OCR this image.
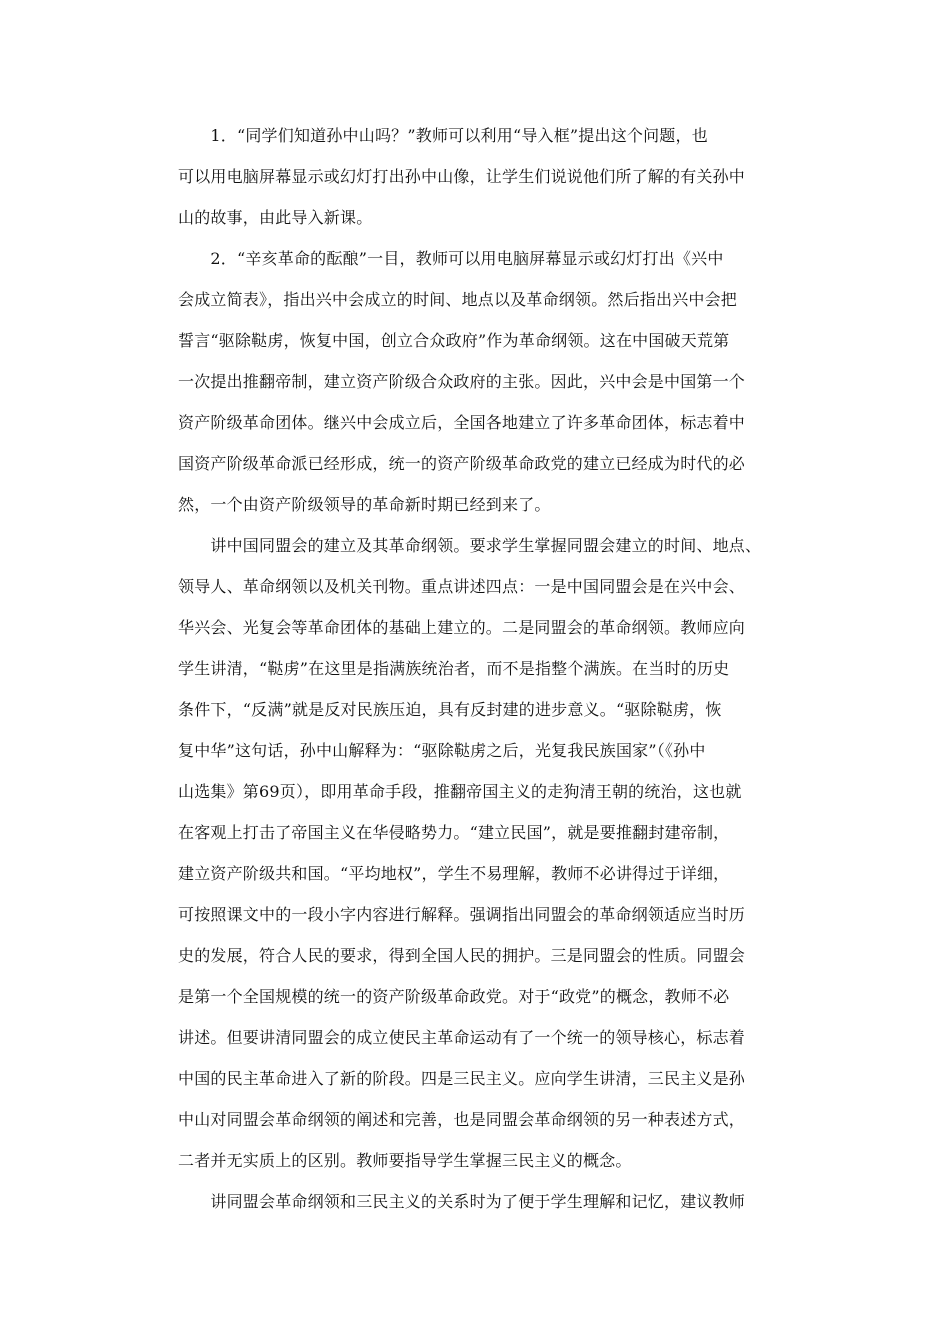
　　1．“同学们知道孙中山吗？”教师可以利用“导入框”提出这个问题，也
可以用电脑屏幕显示或幻灯打出孙中山像，让学生们说说他们所了解的有关孙中
山的故事，由此导入新课。
　　2．“辛亥革命的酝酿”一目，教师可以用电脑屏幕显示或幻灯打出《兴中
会成立简表》，指出兴中会成立的时间、地点以及革命纲领。然后指出兴中会把
誓言“驱除鞑虏，恢复中国，创立合众政府”作为革命纲领。这在中国破天荒第
一次提出推翻帝制，建立资产阶级合众政府的主张。因此，兴中会是中国第一个
资产阶级革命团体。继兴中会成立后，全国各地建立了许多革命团体，标志着中
国资产阶级革命派已经形成，统一的资产阶级革命政党的建立已经成为时代的必
然，一个由资产阶级领导的革命新时期已经到来了。
　　讲中国同盟会的建立及其革命纲领。要求学生掌握同盟会建立的时间、地点、
领导人、革命纲领以及机关刊物。重点讲述四点：一是中国同盟会是在兴中会、
华兴会、光复会等革命团体的基础上建立的。二是同盟会的革命纲领。教师应向
学生讲清，“鞑虏”在这里是指满族统治者，而不是指整个满族。在当时的历史
条件下，“反满”就是反对民族压迫，具有反封建的进步意义。“驱除鞑虏，恢
复中华”这句话，孙中山解释为：“驱除鞑虏之后，光复我民族国家”（《孙中
山选集》第69页），即用革命手段，推翻帝国主义的走狗清王朝的统治，这也就
在客观上打击了帝国主义在华侵略势力。“建立民国”，就是要推翻封建帝制，
建立资产阶级共和国。“平均地权”，学生不易理解，教师不必讲得过于详细，
可按照课文中的一段小字内容进行解释。强调指出同盟会的革命纲领适应当时历
史的发展，符合人民的要求，得到全国人民的拥护。三是同盟会的性质。同盟会
是第一个全国规模的统一的资产阶级革命政党。对于“政党”的概念，教师不必
讲述。但要讲清同盟会的成立使民主革命运动有了一个统一的领导核心，标志着
中国的民主革命进入了新的阶段。四是三民主义。应向学生讲清，三民主义是孙
中山对同盟会革命纲领的阐述和完善，也是同盟会革命纲领的另一种表述方式，
二者并无实质上的区别。教师要指导学生掌握三民主义的概念。
　　讲同盟会革命纲领和三民主义的关系时为了便于学生理解和记忆，建议教师
